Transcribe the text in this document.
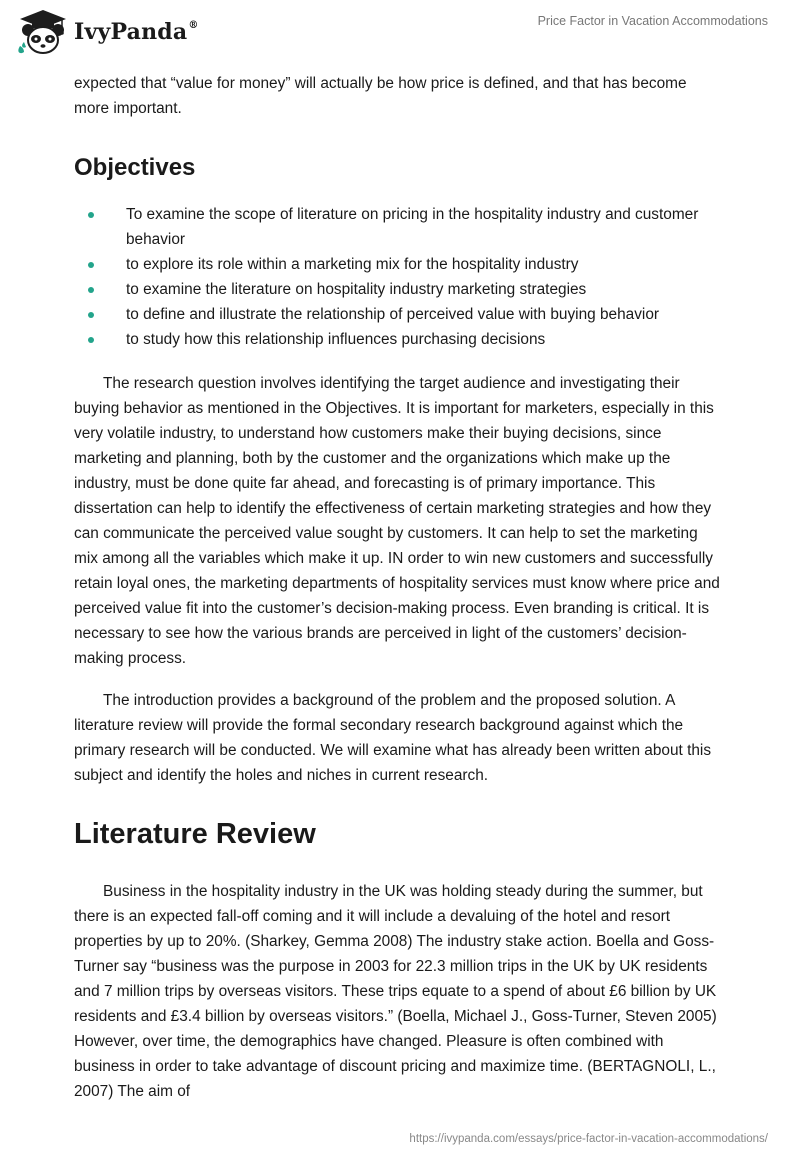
IvyPanda®	Price Factor in Vacation Accommodations

expected that “value for money” will actually be how price is defined, and that has become more important.

Objectives
To examine the scope of literature on pricing in the hospitality industry and customer behavior
to explore its role within a marketing mix for the hospitality industry
to examine the literature on hospitality industry marketing strategies
to define and illustrate the relationship of perceived value with buying behavior
to study how this relationship influences purchasing decisions

The research question involves identifying the target audience and investigating their buying behavior as mentioned in the Objectives. It is important for marketers, especially in this very volatile industry, to understand how customers make their buying decisions, since marketing and planning, both by the customer and the organizations which make up the industry, must be done quite far ahead, and forecasting is of primary importance. This dissertation can help to identify the effectiveness of certain marketing strategies and how they can communicate the perceived value sought by customers. It can help to set the marketing mix among all the variables which make it up. IN order to win new customers and successfully retain loyal ones, the marketing departments of hospitality services must know where price and perceived value fit into the customer’s decision-making process. Even branding is critical. It is necessary to see how the various brands are perceived in light of the customers’ decision-making process.

The introduction provides a background of the problem and the proposed solution. A literature review will provide the formal secondary research background against which the primary research will be conducted. We will examine what has already been written about this subject and identify the holes and niches in current research.

Literature Review

Business in the hospitality industry in the UK was holding steady during the summer, but there is an expected fall-off coming and it will include a devaluing of the hotel and resort properties by up to 20%. (Sharkey, Gemma 2008) The industry stake action. Boella and Goss-Turner say “business was the purpose in 2003 for 22.3 million trips in the UK by UK residents and 7 million trips by overseas visitors. These trips equate to a spend of about £6 billion by UK residents and £3.4 billion by overseas visitors.” (Boella, Michael J., Goss-Turner, Steven 2005) However, over time, the demographics have changed. Pleasure is often combined with business in order to take advantage of discount pricing and maximize time. (BERTAGNOLI, L., 2007) The aim of

https://ivypanda.com/essays/price-factor-in-vacation-accommodations/
